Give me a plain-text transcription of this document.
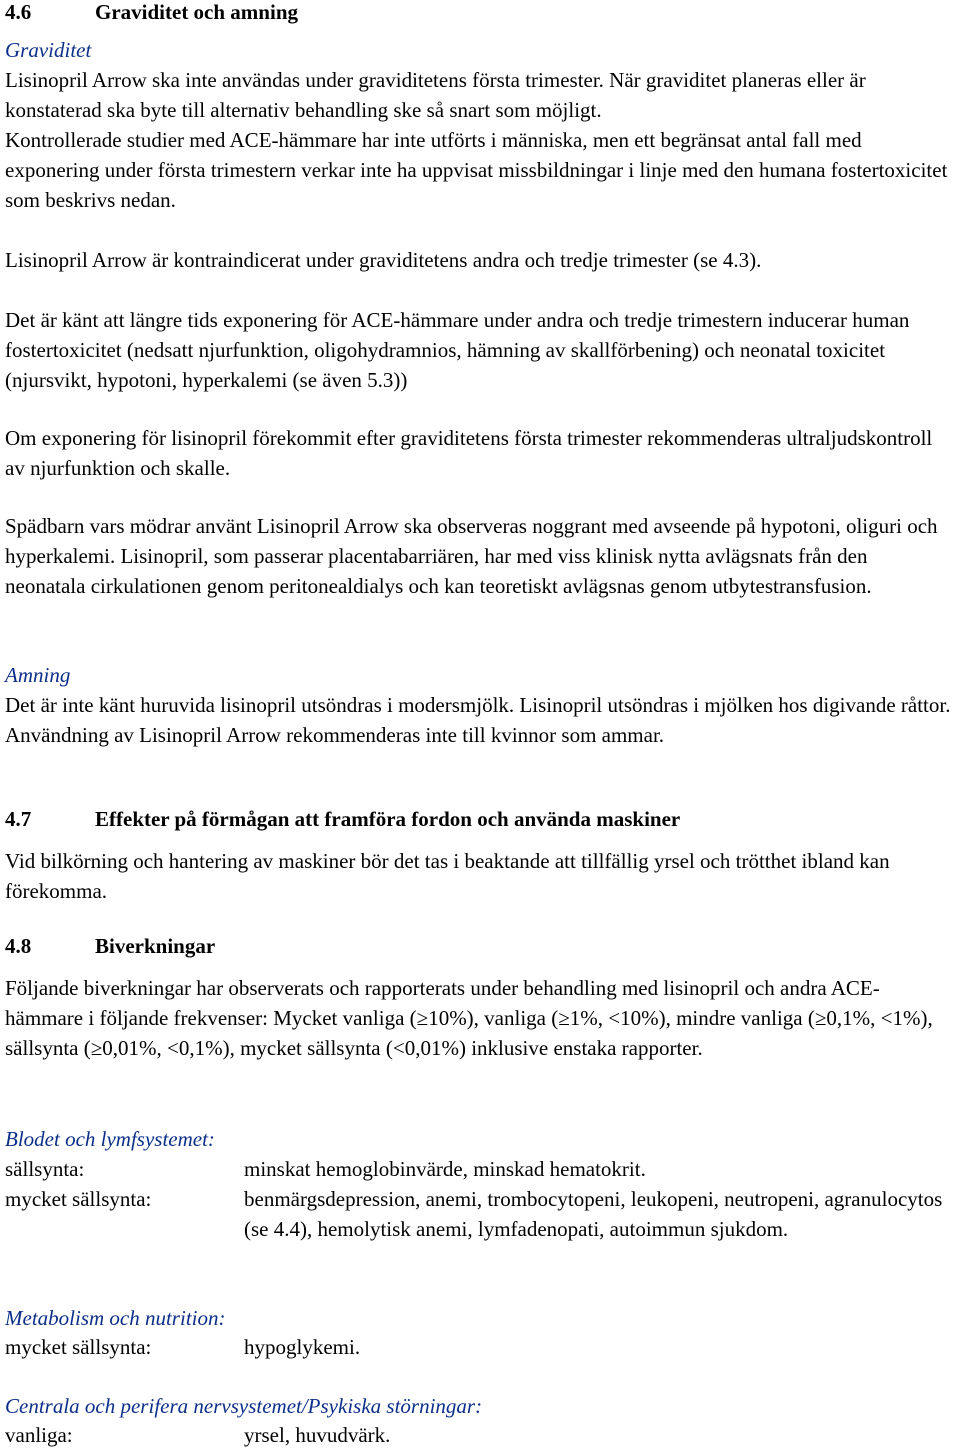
4.6	Graviditet och amning
Graviditet
Lisinopril Arrow ska inte användas under graviditetens första trimester. När graviditet planeras eller är konstaterad ska byte till alternativ behandling ske så snart som möjligt.
Kontrollerade studier med ACE-hämmare har inte utförts i människa, men ett begränsat antal fall med exponering under första trimestern verkar inte ha uppvisat missbildningar i linje med den humana fostertoxicitet som beskrivs nedan.
Lisinopril Arrow är kontraindicerat under graviditetens andra och tredje trimester (se 4.3).
Det är känt att längre tids exponering för ACE-hämmare under andra och tredje trimestern inducerar human fostertoxicitet (nedsatt njurfunktion, oligohydramnios, hämning av skallförbening) och neonatal toxicitet (njursvikt, hypotoni, hyperkalemi (se även 5.3))
Om exponering för lisinopril förekommit efter graviditetens första trimester rekommenderas ultraljudskontroll av njurfunktion och skalle.
Spädbarn vars mödrar använt Lisinopril Arrow ska observeras noggrant med avseende på hypotoni, oliguri och hyperkalemi. Lisinopril, som passerar placentabarriären, har med viss klinisk nytta avlägsnats från den neonatala cirkulationen genom peritonealdialys och kan teoretiskt avlägsnas genom utbytestransfusion.
Amning
Det är inte känt huruvida lisinopril utsöndras i modersmjölk. Lisinopril utsöndras i mjölken hos digivande råttor. Användning av Lisinopril Arrow rekommenderas inte till kvinnor som ammar.
4.7	Effekter på förmågan att framföra fordon och använda maskiner
Vid bilkörning och hantering av maskiner bör det tas i beaktande att tillfällig yrsel och trötthet ibland kan förekomma.
4.8	Biverkningar
Följande biverkningar har observerats och rapporterats under behandling med lisinopril och andra ACE-hämmare i följande frekvenser: Mycket vanliga (≥10%), vanliga (≥1%, <10%), mindre vanliga (≥0,1%, <1%), sällsynta (≥0,01%, <0,1%), mycket sällsynta (<0,01%) inklusive enstaka rapporter.
Blodet och lymfsystemet:
sällsynta:	minskat hemoglobinvärde, minskad hematokrit.
mycket sällsynta:	benmärgsdepression, anemi, trombocytopeni, leukopeni, neutropeni, agranulocytos (se 4.4), hemolytisk anemi, lymfadenopati, autoimmun sjukdom.
Metabolism och nutrition:
mycket sällsynta:	hypoglykemi.
Centrala och perifera nervsystemet/Psykiska störningar:
vanliga:	yrsel, huvudvärk.
